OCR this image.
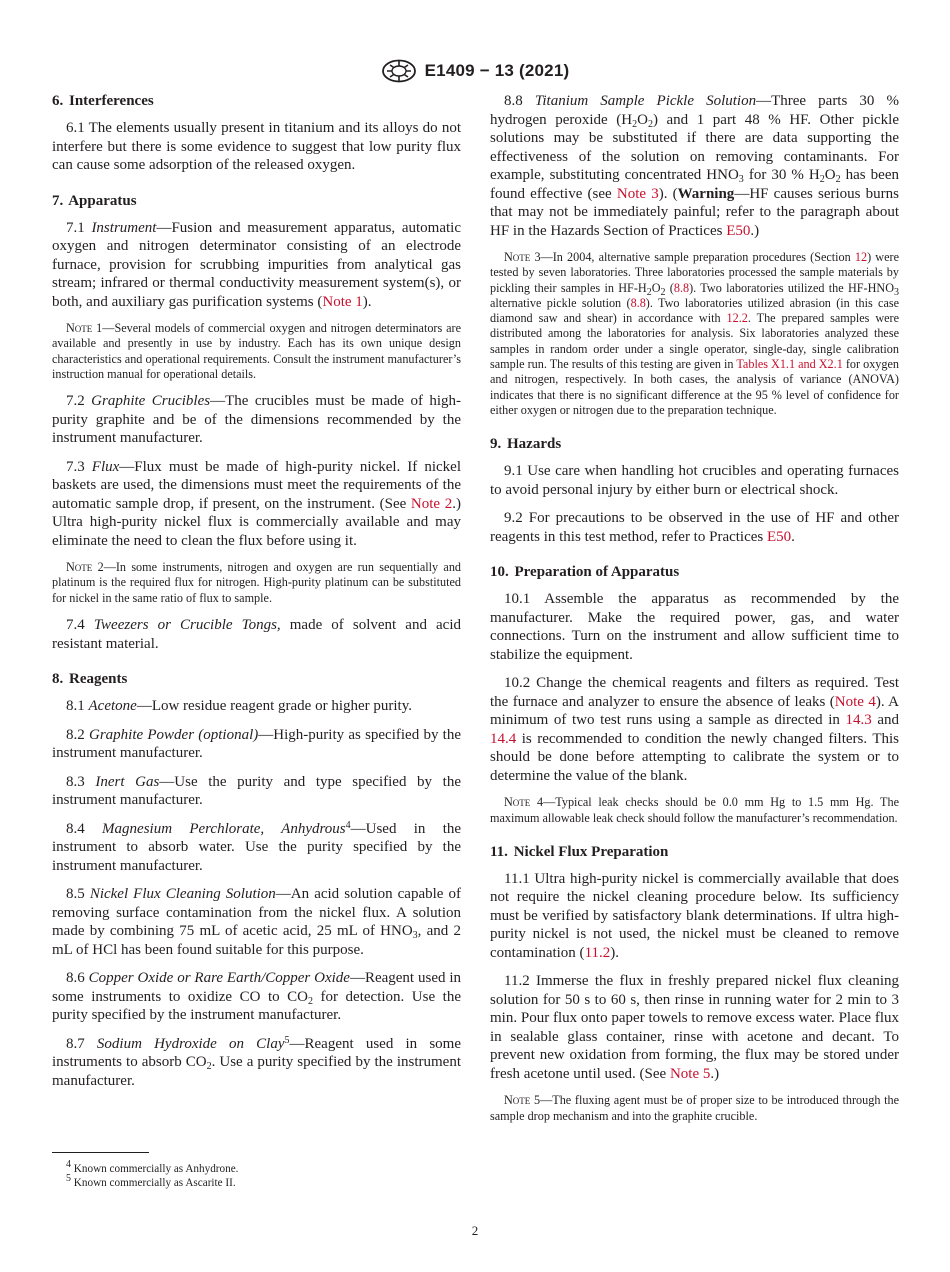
E1409 − 13 (2021)
6. Interferences

6.1 The elements usually present in titanium and its alloys do not interfere but there is some evidence to suggest that low purity flux can cause some adsorption of the released oxygen.

7. Apparatus

7.1 Instrument—Fusion and measurement apparatus, automatic oxygen and nitrogen determinator consisting of an electrode furnace, provision for scrubbing impurities from analytical gas stream; infrared or thermal conductivity measurement system(s), or both, and auxiliary gas purification systems (Note 1).

Note 1—Several models of commercial oxygen and nitrogen determinators are available and presently in use by industry. Each has its own unique design characteristics and operational requirements. Consult the instrument manufacturer’s instruction manual for operational details.

7.2 Graphite Crucibles—The crucibles must be made of high-purity graphite and be of the dimensions recommended by the instrument manufacturer.

7.3 Flux—Flux must be made of high-purity nickel. If nickel baskets are used, the dimensions must meet the requirements of the automatic sample drop, if present, on the instrument. (See Note 2.) Ultra high-purity nickel flux is commercially available and may eliminate the need to clean the flux before using it.

Note 2—In some instruments, nitrogen and oxygen are run sequentially and platinum is the required flux for nitrogen. High-purity platinum can be substituted for nickel in the same ratio of flux to sample.

7.4 Tweezers or Crucible Tongs, made of solvent and acid resistant material.

8. Reagents

8.1 Acetone—Low residue reagent grade or higher purity.

8.2 Graphite Powder (optional)—High-purity as specified by the instrument manufacturer.

8.3 Inert Gas—Use the purity and type specified by the instrument manufacturer.

8.4 Magnesium Perchlorate, Anhydrous$^4$—Used in the instrument to absorb water. Use the purity specified by the instrument manufacturer.

8.5 Nickel Flux Cleaning Solution—An acid solution capable of removing surface contamination from the nickel flux. A solution made by combining 75 mL of acetic acid, 25 mL of $HNO_3$, and 2 mL of HCl has been found suitable for this purpose.

8.6 Copper Oxide or Rare Earth/Copper Oxide—Reagent used in some instruments to oxidize CO to $CO_2$ for detection. Use the purity specified by the instrument manufacturer.

8.7 Sodium Hydroxide on Clay$^5$—Reagent used in some instruments to absorb $CO_2$. Use a purity specified by the instrument manufacturer.

8.8 Titanium Sample Pickle Solution—Three parts 30 % hydrogen peroxide $(H_2O_2)$ and 1 part 48 % HF. Other pickle solutions may be substituted if there are data supporting the effectiveness of the solution on removing contaminants. For example, substituting concentrated $HNO_3$ for 30 % $H_2O_2$ has been found effective (see Note 3). (Warning—HF causes serious burns that may not be immediately painful; refer to the paragraph about HF in the Hazards Section of Practices E50.)

Note 3—In 2004, alternative sample preparation procedures (Section 12) were tested by seven laboratories. Three laboratories processed the sample materials by pickling their samples in $HF-H_2O_2$ (8.8). Two laboratories utilized the $HF-HNO_3$ alternative pickle solution (8.8). Two laboratories utilized abrasion (in this case diamond saw and shear) in accordance with 12.2. The prepared samples were distributed among the laboratories for analysis. Six laboratories analyzed these samples in random order under a single operator, single-day, single calibration sample run. The results of this testing are given in Tables X1.1 and X2.1 for oxygen and nitrogen, respectively. In both cases, the analysis of variance (ANOVA) indicates that there is no significant difference at the 95 % level of confidence for either oxygen or nitrogen due to the preparation technique.

9. Hazards

9.1 Use care when handling hot crucibles and operating furnaces to avoid personal injury by either burn or electrical shock.

9.2 For precautions to be observed in the use of HF and other reagents in this test method, refer to Practices E50.

10. Preparation of Apparatus

10.1 Assemble the apparatus as recommended by the manufacturer. Make the required power, gas, and water connections. Turn on the instrument and allow sufficient time to stabilize the equipment.

10.2 Change the chemical reagents and filters as required. Test the furnace and analyzer to ensure the absence of leaks (Note 4). A minimum of two test runs using a sample as directed in 14.3 and 14.4 is recommended to condition the newly changed filters. This should be done before attempting to calibrate the system or to determine the value of the blank.

Note 4—Typical leak checks should be 0.0 mm Hg to 1.5 mm Hg. The maximum allowable leak check should follow the manufacturer’s recommendation.

11. Nickel Flux Preparation

11.1 Ultra high-purity nickel is commercially available that does not require the nickel cleaning procedure below. Its sufficiency must be verified by satisfactory blank determinations. If ultra high-purity nickel is not used, the nickel must be cleaned to remove contamination (11.2).

11.2 Immerse the flux in freshly prepared nickel flux cleaning solution for 50 s to 60 s, then rinse in running water for 2 min to 3 min. Pour flux onto paper towels to remove excess water. Place flux in sealable glass container, rinse with acetone and decant. To prevent new oxidation from forming, the flux may be stored under fresh acetone until used. (See Note 5.)

Note 5—The fluxing agent must be of proper size to be introduced through the sample drop mechanism and into the graphite crucible.

$^4$ Known commercially as Anhydrone.
$^5$ Known commercially as Ascarite II.
2
